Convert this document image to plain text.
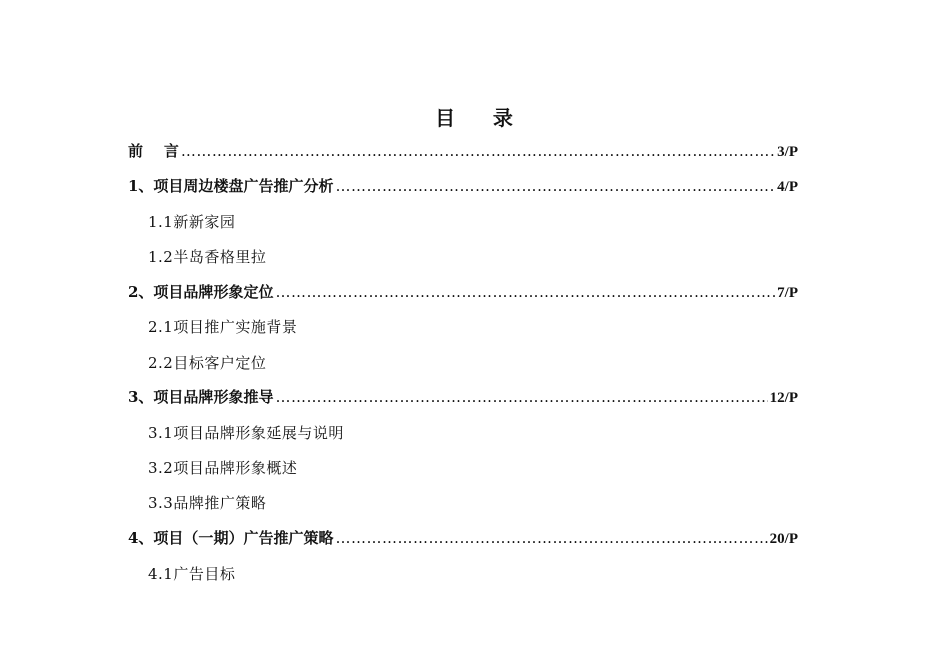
目    录
前    言 ……………………………………………………………………………………………………………………………………………………………………………………………………………………………………	3/P
1、项目周边楼盘广告推广分析 ……………………………………………………………………………………………………………………………………………………………………………………………………………………………………	4/P
1.1新新家园
1.2半岛香格里拉
2、项目品牌形象定位 ……………………………………………………………………………………………………………………………………………………………………………………………………………………………………	7/P
2.1项目推广实施背景
2.2目标客户定位
3、项目品牌形象推导 ……………………………………………………………………………………………………………………………………………………………………………………………………………………………………	12/P
3.1项目品牌形象延展与说明
3.2项目品牌形象概述
3.3品牌推广策略
4、项目（一期）广告推广策略 ……………………………………………………………………………………………………………………………………………………………………………………………………………………………………	20/P
4.1广告目标
